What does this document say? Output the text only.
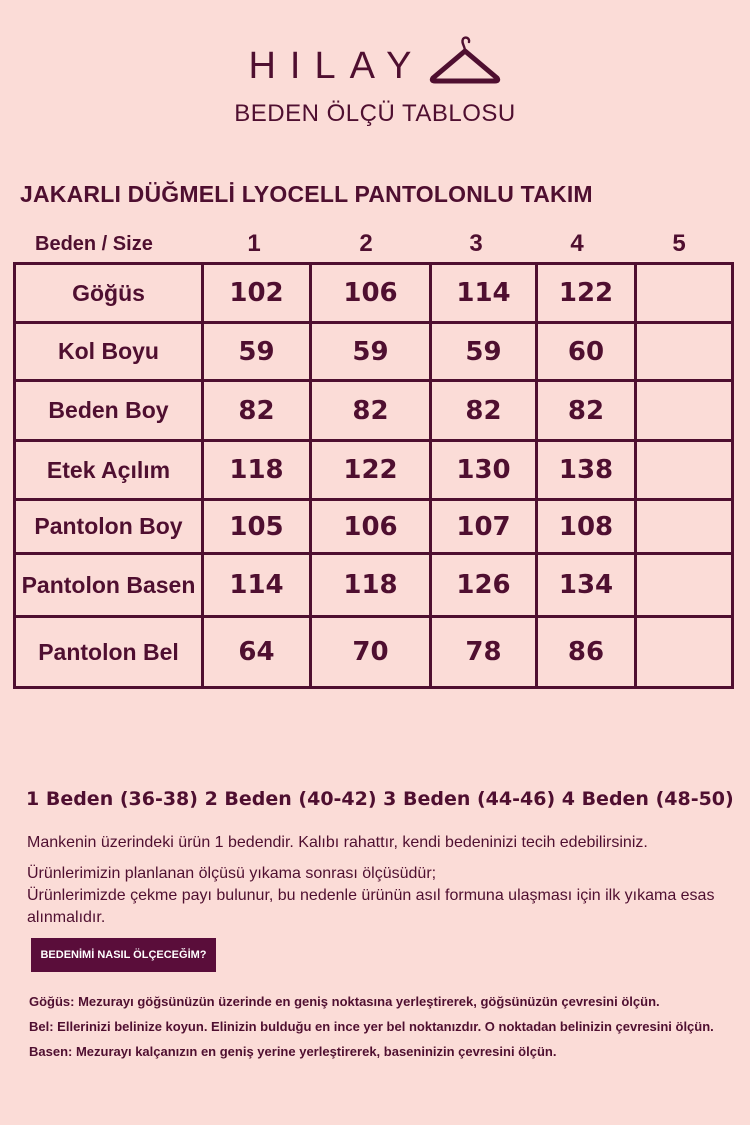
HILAY
BEDEN ÖLÇÜ TABLOSU
JAKARLI DÜĞMELİ LYOCELL PANTOLONLU TAKIM
Beden / Size	1	2	3	4	5
Göğüs	102	106	114	122	
Kol Boyu	59	59	59	60	
Beden Boy	82	82	82	82	
Etek Açılım	118	122	130	138	
Pantolon Boy	105	106	107	108	
Pantolon Basen	114	118	126	134	
Pantolon Bel	64	70	78	86	
1 Beden (36-38) 2 Beden (40-42) 3 Beden (44-46) 4 Beden (48-50)

Mankenin üzerindeki ürün 1 bedendir. Kalıbı rahattır, kendi bedeninizi tecih edebilirsiniz.

Ürünlerimizin planlanan ölçüsü yıkama sonrası ölçüsüdür;

Ürünlerimizde çekme payı bulunur, bu nedenle ürünün asıl formuna ulaşması için ilk yıkama esas alınmalıdır.

BEDENİMİ NASIL ÖLÇECEĞİM?

Göğüs: Mezurayı göğsünüzün üzerinde en geniş noktasına yerleştirerek, göğsünüzün çevresini ölçün.

Bel: Ellerinizi belinize koyun. Elinizin bulduğu en ince yer bel noktanızdır. O noktadan belinizin çevresini ölçün.

Basen: Mezurayı kalçanızın en geniş yerine yerleştirerek, baseninizin çevresini ölçün.
